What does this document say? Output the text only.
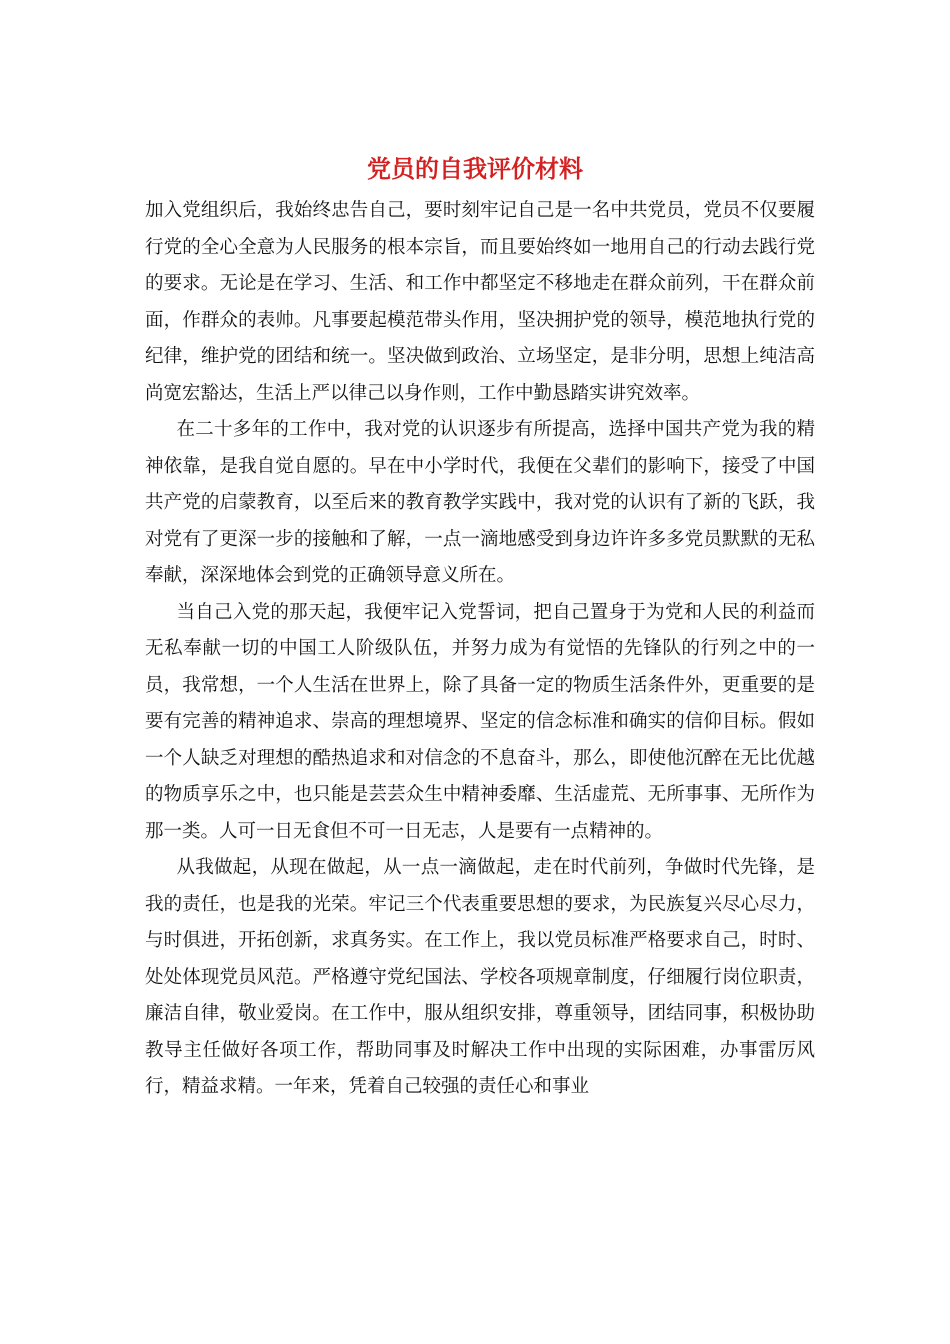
党员的自我评价材料

加入党组织后，我始终忠告自己，要时刻牢记自己是一名中共党员，党员不仅要履行党的全心全意为人民服务的根本宗旨，而且要始终如一地用自己的行动去践行党的要求。无论是在学习、生活、和工作中都坚定不移地走在群众前列，干在群众前面，作群众的表帅。凡事要起模范带头作用，坚决拥护党的领导，模范地执行党的纪律，维护党的团结和统一。坚决做到政治、立场坚定，是非分明，思想上纯洁高尚宽宏豁达，生活上严以律己以身作则，工作中勤恳踏实讲究效率。

在二十多年的工作中，我对党的认识逐步有所提高，选择中国共产党为我的精神依靠，是我自觉自愿的。早在中小学时代，我便在父辈们的影响下，接受了中国共产党的启蒙教育，以至后来的教育教学实践中，我对党的认识有了新的飞跃，我对党有了更深一步的接触和了解，一点一滴地感受到身边许许多多党员默默的无私奉献，深深地体会到党的正确领导意义所在。

当自己入党的那天起，我便牢记入党誓词，把自己置身于为党和人民的利益而无私奉献一切的中国工人阶级队伍，并努力成为有觉悟的先锋队的行列之中的一员，我常想，一个人生活在世界上，除了具备一定的物质生活条件外，更重要的是要有完善的精神追求、崇高的理想境界、坚定的信念标准和确实的信仰目标。假如一个人缺乏对理想的酷热追求和对信念的不息奋斗，那么，即使他沉醉在无比优越的物质享乐之中，也只能是芸芸众生中精神委靡、生活虚荒、无所事事、无所作为那一类。人可一日无食但不可一日无志，人是要有一点精神的。

从我做起，从现在做起，从一点一滴做起，走在时代前列，争做时代先锋，是我的责任，也是我的光荣。牢记三个代表重要思想的要求，为民族复兴尽心尽力，与时俱进，开拓创新，求真务实。在工作上，我以党员标准严格要求自己，时时、处处体现党员风范。严格遵守党纪国法、学校各项规章制度，仔细履行岗位职责，廉洁自律，敬业爱岗。在工作中，服从组织安排，尊重领导，团结同事，积极协助教导主任做好各项工作，帮助同事及时解决工作中出现的实际困难，办事雷厉风行，精益求精。一年来，凭着自己较强的责任心和事业
